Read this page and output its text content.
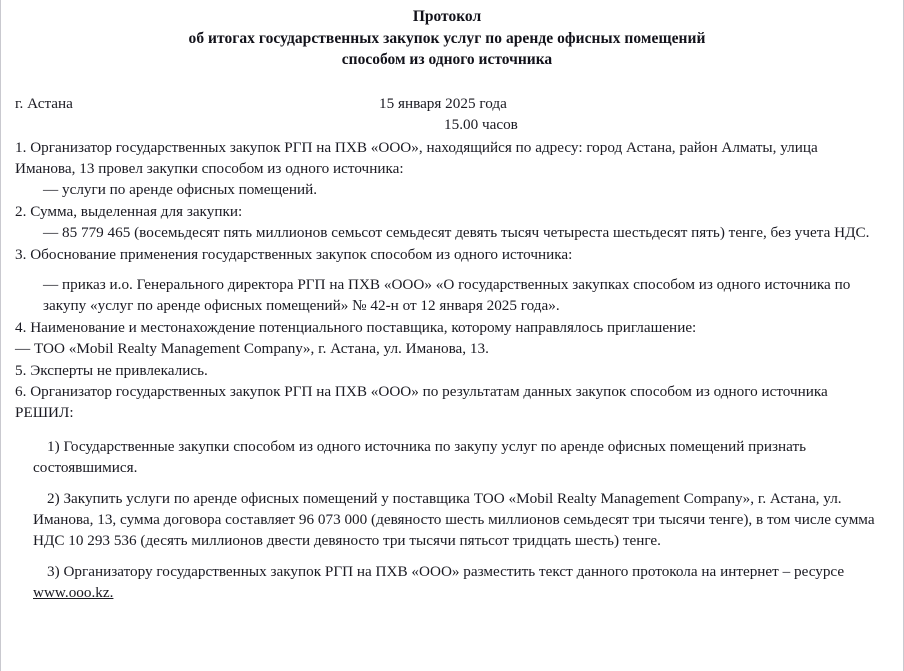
Протокол
об итогах государственных закупок услуг по аренде офисных помещений
способом из одного источника
г. Астана	15 января 2025 года
15.00 часов

1. Организатор государственных закупок РГП на ПХВ «ООО», находящийся по адресу: город Астана, район Алматы, улица Иманова, 13 провел закупки способом из одного источника:

— услуги по аренде офисных помещений.

2. Сумма, выделенная для закупки:

— 85 779 465 (восемьдесят пять миллионов семьсот семьдесят девять тысяч четыреста шестьдесят пять) тенге, без учета НДС.

3. Обоснование применения государственных закупок способом из одного источника:

— приказ и.о. Генерального директора РГП на ПХВ «ООО» «О государственных закупках способом из одного источника по закупу «услуг по аренде офисных помещений» № 42-н от 12 января 2025 года».

4. Наименование и местонахождение потенциального поставщика, которому направлялось приглашение:

— ТОО «Mobil Realty Management Company», г. Астана, ул. Иманова, 13.

5. Эксперты не привлекались.

6. Организатор государственных закупок РГП на ПХВ «ООО» по результатам данных закупок способом из одного источника

РЕШИЛ:

1) Государственные закупки способом из одного источника по закупу услуг по аренде офисных помещений признать состоявшимися.

2) Закупить услуги по аренде офисных помещений у поставщика ТОО «Mobil Realty Management Company», г. Астана, ул. Иманова, 13, сумма договора составляет 96 073 000 (девяносто шесть миллионов семьдесят три тысячи тенге), в том числе сумма НДС 10 293 536 (десять миллионов двести девяносто три тысячи пятьсот тридцать шесть) тенге.

3) Организатору государственных закупок РГП на ПХВ «ООО» разместить текст данного протокола на интернет – ресурсе www.ooo.kz.
